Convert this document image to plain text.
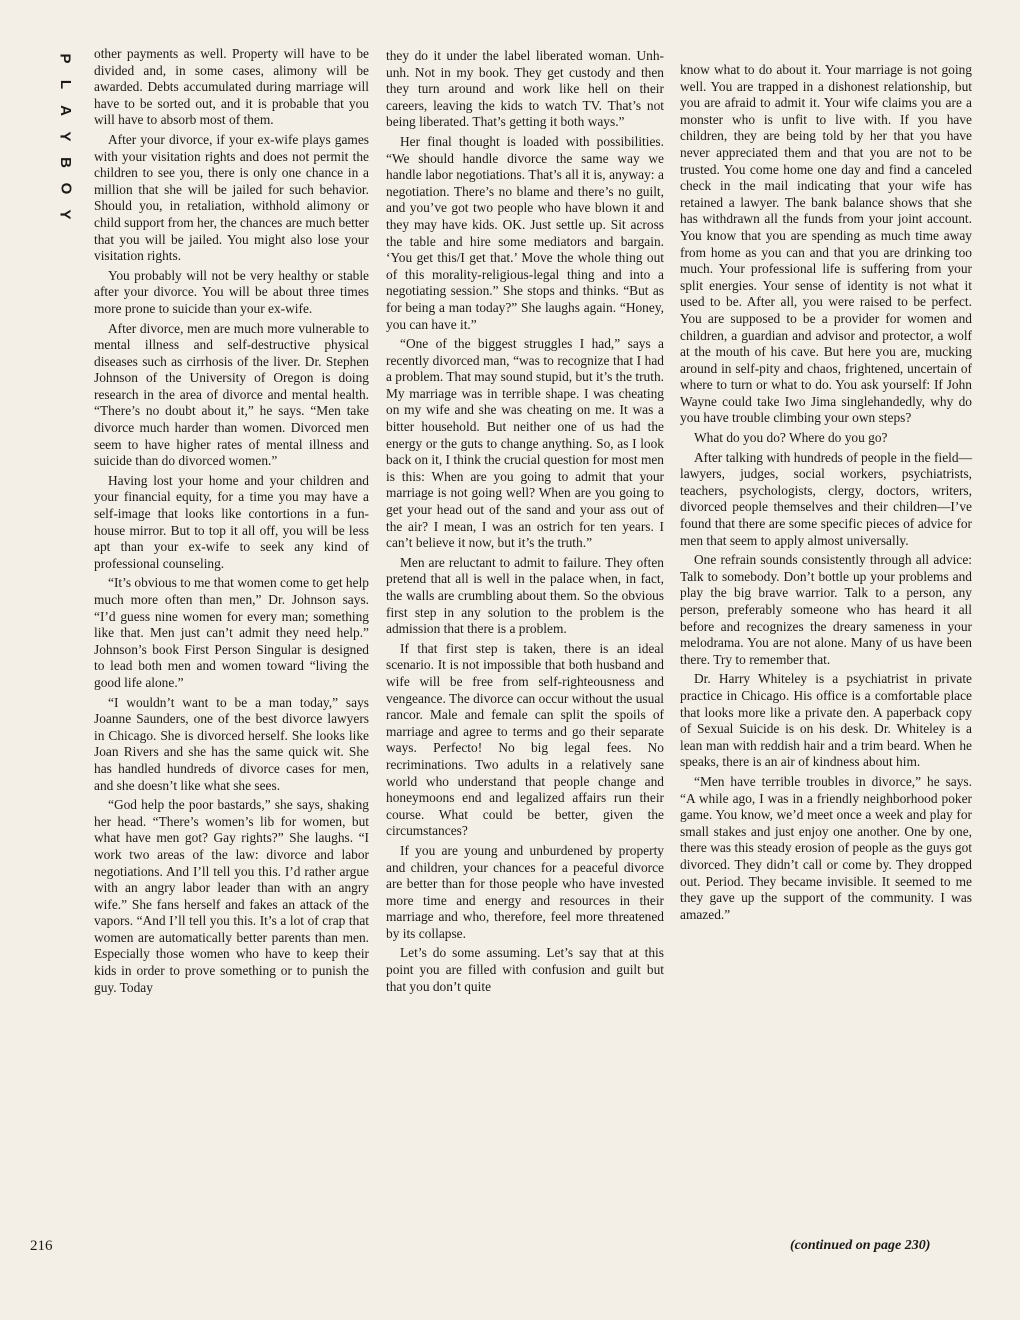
P
L
A
Y
B
O
Y

other payments as well. Property will have to be divided and, in some cases, alimony will be awarded. Debts accumulated during marriage will have to be sorted out, and it is probable that you will have to absorb most of them.

After your divorce, if your ex-wife plays games with your visitation rights and does not permit the children to see you, there is only one chance in a million that she will be jailed for such behavior. Should you, in retaliation, withhold alimony or child support from her, the chances are much better that you will be jailed. You might also lose your visitation rights.

You probably will not be very healthy or stable after your divorce. You will be about three times more prone to suicide than your ex-wife.

After divorce, men are much more vulnerable to mental illness and self-destructive physical diseases such as cirrhosis of the liver. Dr. Stephen Johnson of the University of Oregon is doing research in the area of divorce and mental health. “There’s no doubt about it,” he says. “Men take divorce much harder than women. Divorced men seem to have higher rates of mental illness and suicide than do divorced women.”

Having lost your home and your children and your financial equity, for a time you may have a self-image that looks like contortions in a fun-house mirror. But to top it all off, you will be less apt than your ex-wife to seek any kind of professional counseling.

“It’s obvious to me that women come to get help much more often than men,” Dr. Johnson says. “I’d guess nine women for every man; something like that. Men just can’t admit they need help.” Johnson’s book First Person Singular is designed to lead both men and women toward “living the good life alone.”

“I wouldn’t want to be a man today,” says Joanne Saunders, one of the best divorce lawyers in Chicago. She is divorced herself. She looks like Joan Rivers and she has the same quick wit. She has handled hundreds of divorce cases for men, and she doesn’t like what she sees.

“God help the poor bastards,” she says, shaking her head. “There’s women’s lib for women, but what have men got? Gay rights?” She laughs. “I work two areas of the law: divorce and labor negotiations. And I’ll tell you this. I’d rather argue with an angry labor leader than with an angry wife.” She fans herself and fakes an attack of the vapors. “And I’ll tell you this. It’s a lot of crap that women are automatically better parents than men. Especially those women who have to keep their kids in order to prove something or to punish the guy. Today

they do it under the label liberated woman. Unh-unh. Not in my book. They get custody and then they turn around and work like hell on their careers, leaving the kids to watch TV. That’s not being liberated. That’s getting it both ways.”

Her final thought is loaded with possibilities. “We should handle divorce the same way we handle labor negotiations. That’s all it is, anyway: a negotiation. There’s no blame and there’s no guilt, and you’ve got two people who have blown it and they may have kids. OK. Just settle up. Sit across the table and hire some mediators and bargain. ‘You get this/I get that.’ Move the whole thing out of this morality-religious-legal thing and into a negotiating session.” She stops and thinks. “But as for being a man today?” She laughs again. “Honey, you can have it.”

“One of the biggest struggles I had,” says a recently divorced man, “was to recognize that I had a problem. That may sound stupid, but it’s the truth. My marriage was in terrible shape. I was cheating on my wife and she was cheating on me. It was a bitter household. But neither one of us had the energy or the guts to change anything. So, as I look back on it, I think the crucial question for most men is this: When are you going to admit that your marriage is not going well? When are you going to get your head out of the sand and your ass out of the air? I mean, I was an ostrich for ten years. I can’t believe it now, but it’s the truth.”

Men are reluctant to admit to failure. They often pretend that all is well in the palace when, in fact, the walls are crumbling about them. So the obvious first step in any solution to the problem is the admission that there is a problem.

If that first step is taken, there is an ideal scenario. It is not impossible that both husband and wife will be free from self-righteousness and vengeance. The divorce can occur without the usual rancor. Male and female can split the spoils of marriage and agree to terms and go their separate ways. Perfecto! No big legal fees. No recriminations. Two adults in a relatively sane world who understand that people change and honeymoons end and legalized affairs run their course. What could be better, given the circumstances?

If you are young and unburdened by property and children, your chances for a peaceful divorce are better than for those people who have invested more time and energy and resources in their marriage and who, therefore, feel more threatened by its collapse.

Let’s do some assuming. Let’s say that at this point you are filled with confusion and guilt but that you don’t quite

know what to do about it. Your marriage is not going well. You are trapped in a dishonest relationship, but you are afraid to admit it. Your wife claims you are a monster who is unfit to live with. If you have children, they are being told by her that you have never appreciated them and that you are not to be trusted. You come home one day and find a canceled check in the mail indicating that your wife has retained a lawyer. The bank balance shows that she has withdrawn all the funds from your joint account. You know that you are spending as much time away from home as you can and that you are drinking too much. Your professional life is suffering from your split energies. Your sense of identity is not what it used to be. After all, you were raised to be perfect. You are supposed to be a provider for women and children, a guardian and advisor and protector, a wolf at the mouth of his cave. But here you are, mucking around in self-pity and chaos, frightened, uncertain of where to turn or what to do. You ask yourself: If John Wayne could take Iwo Jima singlehandedly, why do you have trouble climbing your own steps?

What do you do? Where do you go?

After talking with hundreds of people in the field—lawyers, judges, social workers, psychiatrists, teachers, psychologists, clergy, doctors, writers, divorced people themselves and their children—I’ve found that there are some specific pieces of advice for men that seem to apply almost universally.

One refrain sounds consistently through all advice: Talk to somebody. Don’t bottle up your problems and play the big brave warrior. Talk to a person, any person, preferably someone who has heard it all before and recognizes the dreary sameness in your melodrama. You are not alone. Many of us have been there. Try to remember that.

Dr. Harry Whiteley is a psychiatrist in private practice in Chicago. His office is a comfortable place that looks more like a private den. A paperback copy of Sexual Suicide is on his desk. Dr. Whiteley is a lean man with reddish hair and a trim beard. When he speaks, there is an air of kindness about him.

“Men have terrible troubles in divorce,” he says. “A while ago, I was in a friendly neighborhood poker game. You know, we’d meet once a week and play for small stakes and just enjoy one another. One by one, there was this steady erosion of people as the guys got divorced. They didn’t call or come by. They dropped out. Period. They became invisible. It seemed to me they gave up the support of the community. I was amazed.”

216	(continued on page 230)
